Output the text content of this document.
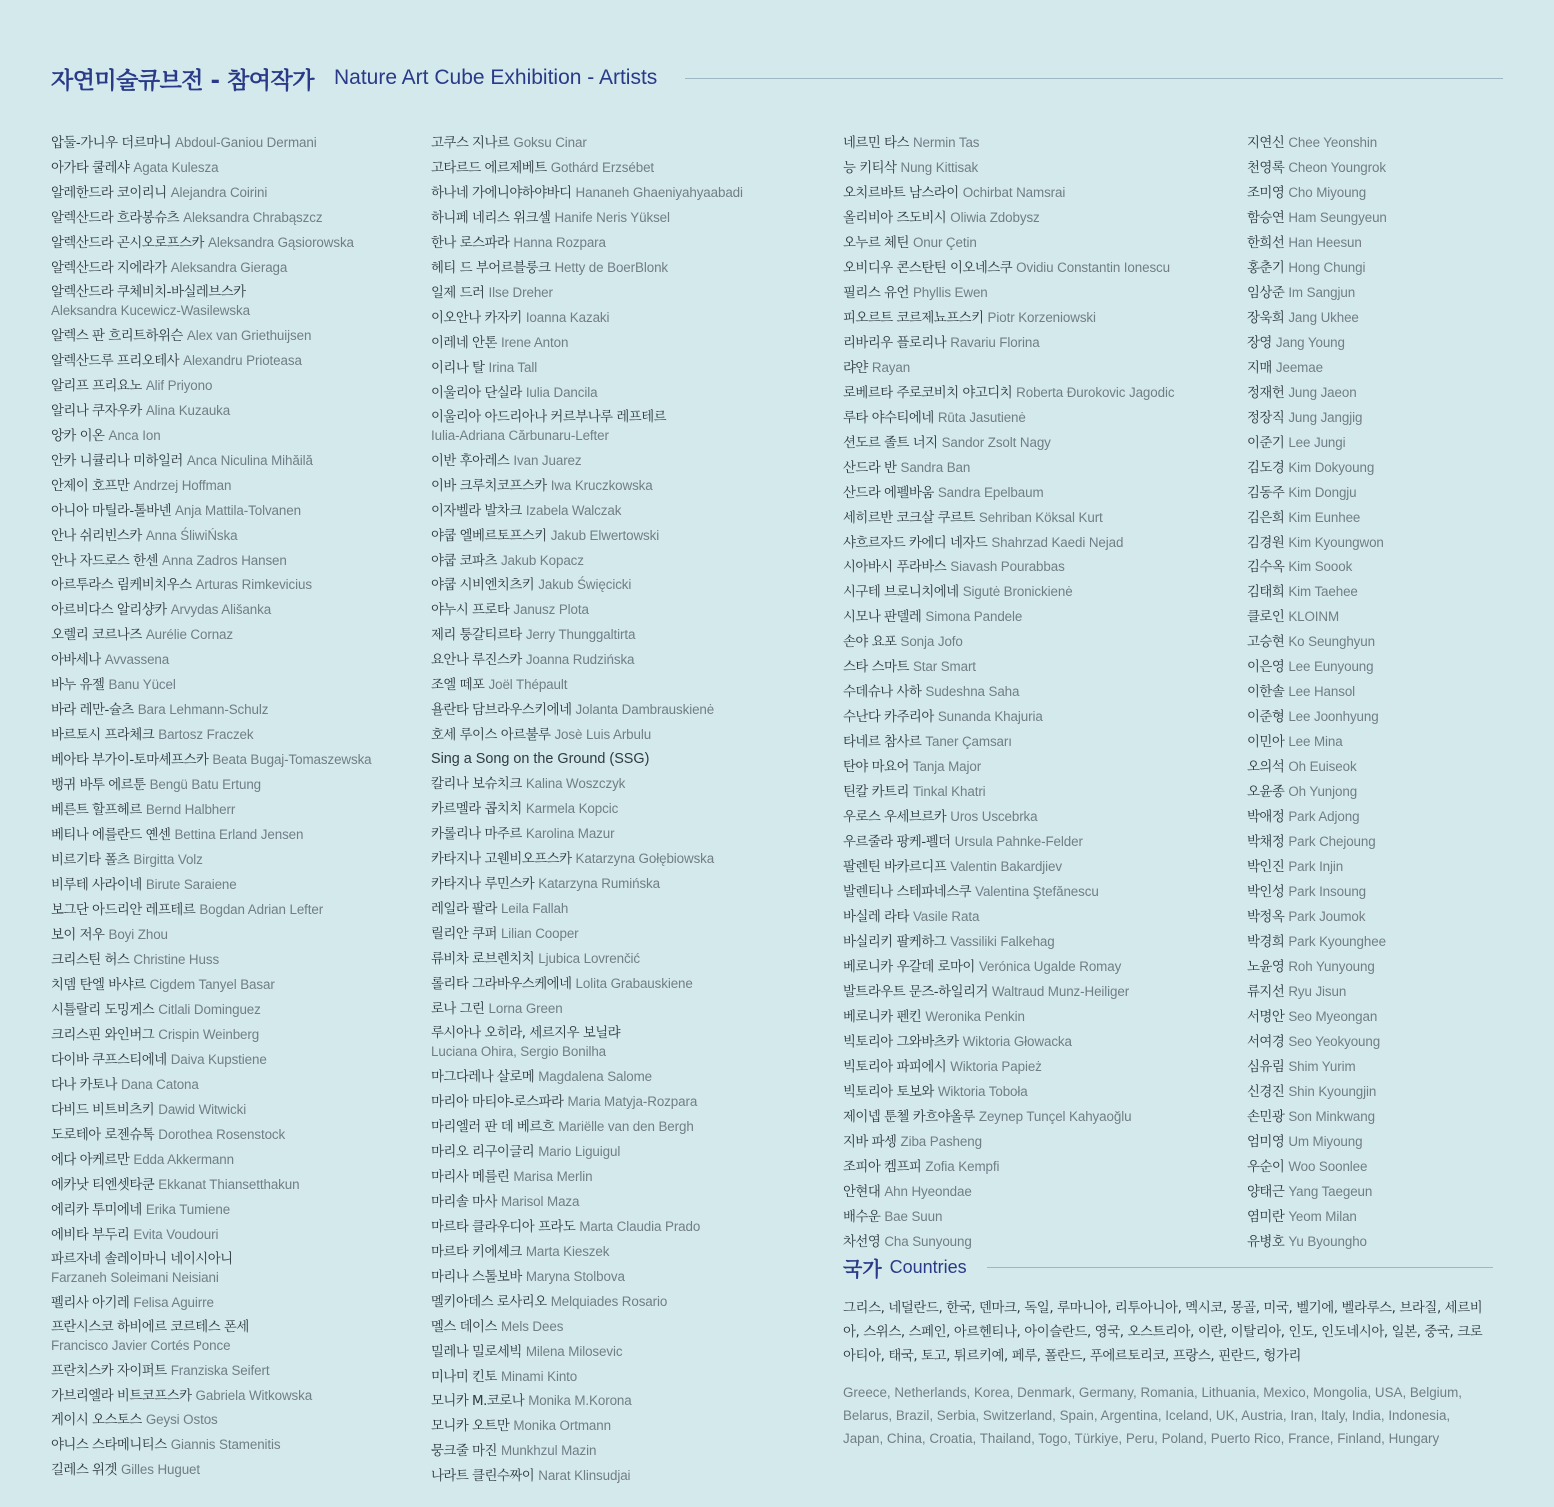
자연미술큐브전 - 참여작가 Nature Art Cube Exhibition - Artists
압둘-가니우 더르마니 Abdoul-Ganiou Dermani
아가타 쿨레샤 Agata Kulesza
알레한드라 코이리니 Alejandra Coirini
알렉산드라 흐라봉슈츠 Aleksandra Chrabąszcz
알렉산드라 곤시오로프스카 Aleksandra Gąsiorowska
알렉산드라 지에라가 Aleksandra Gieraga
알렉산드라 쿠체비치-바실레브스카
Aleksandra Kucewicz-Wasilewska
알렉스 판 흐리트하위슨 Alex van Griethuijsen
알렉산드루 프리오테사 Alexandru Prioteasa
알리프 프리요노 Alif Priyono
알리나 쿠자우카 Alina Kuzauka
앙카 이온 Anca Ion
안카 니큘리나 미하일러 Anca Niculina Mihăilă
안제이 호프만 Andrzej Hoffman
아니아 마틸라-톨바넨 Anja Mattila-Tolvanen
안나 쉬리빈스카 Anna ŚliwiŃska
안나 자드로스 한센 Anna Zadros Hansen
아르투라스 림케비치우스 Arturas Rimkevicius
아르비다스 알리샹카 Arvydas Ališanka
오렐리 코르나즈 Aurélie Cornaz
아바세나 Avvassena
바누 유젤 Banu Yücel
바라 레만-슐츠 Bara Lehmann-Schulz
바르토시 프라체크 Bartosz Fraczek
베아타 부가이-토마셰프스카 Beata Bugaj-Tomaszewska
뱅귀 바투 에르툰 Bengü Batu Ertung
베른트 할프헤르 Bernd Halbherr
베티나 에를란드 옌센 Bettina Erland Jensen
비르기타 폴츠 Birgitta Volz
비루테 사라이네 Birute Saraiene
보그단 아드리안 레프테르 Bogdan Adrian Lefter
보이 저우 Boyi Zhou
크리스틴 허스 Christine Huss
치뎀 탄엘 바샤르 Cigdem Tanyel Basar
시틀랄리 도밍게스 Citlali Dominguez
크리스핀 와인버그 Crispin Weinberg
다이바 쿠프스티에네 Daiva Kupstiene
다나 카토나 Dana Catona
다비드 비트비츠키 Dawid Witwicki
도로테아 로젠슈톡 Dorothea Rosenstock
에다 아케르만 Edda Akkermann
에카낫 티엔셋타쿤 Ekkanat Thiansetthakun
에리카 투미에네 Erika Tumiene
에비타 부두리 Evita Voudouri
파르자네 솔레이마니 네이시아니
Farzaneh Soleimani Neisiani
펠리사 아기레 Felisa Aguirre
프란시스코 하비에르 코르테스 폰세
Francisco Javier Cortés Ponce
프란치스카 자이퍼트 Franziska Seifert
가브리엘라 비트코프스카 Gabriela Witkowska
게이시 오스토스 Geysi Ostos
야니스 스타메니티스 Giannis Stamenitis
길레스 위겟 Gilles Huguet
고쿠스 지나르 Goksu Cinar
고타르드 에르제베트 Gothárd Erzsébet
하나네 가에니야하야바디 Hananeh Ghaeniyahyaabadi
하니페 네리스 위크셀 Hanife Neris Yüksel
한나 로스파라 Hanna Rozpara
헤티 드 부어르블룽크 Hetty de BoerBlonk
일제 드러 Ilse Dreher
이오안나 카자키 Ioanna Kazaki
이레네 안톤 Irene Anton
이리나 탈 Irina Tall
이울리아 단실라 Iulia Dancila
이울리아 아드리아나 커르부나루 레프테르
Iulia-Adriana Cărbunaru-Lefter
이반 후아레스 Ivan Juarez
이바 크루치코프스카 Iwa Kruczkowska
이자벨라 발차크 Izabela Walczak
야쿱 엘베르토프스키 Jakub Elwertowski
야쿱 코파츠 Jakub Kopacz
야쿱 시비엔치츠키 Jakub Święcicki
야누시 프로타 Janusz Plota
제리 퉁갈티르타 Jerry Thunggaltirta
요안나 루진스카 Joanna Rudzińska
조엘 떼포 Joël Thépault
욜란타 담브라우스키에네 Jolanta Dambrauskienė
호세 루이스 아르불루 Josè Luis Arbulu
Sing a Song on the Ground (SSG)
칼리나 보슈치크 Kalina Woszczyk
카르멜라 콥치치 Karmela Kopcic
카롤리나 마주르 Karolina Mazur
카타지나 고웬비오프스카 Katarzyna Gołębiowska
카타지나 루민스카 Katarzyna Rumińska
레일라 팔라 Leila Fallah
릴리안 쿠퍼 Lilian Cooper
류비차 로브렌치치 Ljubica Lovrenčić
롤리타 그라바우스케에네 Lolita Grabauskiene
로나 그린 Lorna Green
루시아나 오히라, 세르지우 보닐랴
Luciana Ohira, Sergio Bonilha
마그다레나 살로메 Magdalena Salome
마리아 마티야-로스파라 Maria Matyja-Rozpara
마리엘러 판 데 베르흐 Mariëlle van den Bergh
마리오 리구이글리 Mario Liguigul
마리사 메를린 Marisa Merlin
마리솔 마사 Marisol Maza
마르타 클라우디아 프라도 Marta Claudia Prado
마르타 키에셰크 Marta Kieszek
마리나 스톨보바 Maryna Stolbova
멜키아데스 로사리오 Melquiades Rosario
멜스 데이스 Mels Dees
밀레나 밀로세빅 Milena Milosevic
미나미 킨토 Minami Kinto
모니카 M.코로나 Monika M.Korona
모니카 오트만 Monika Ortmann
뭉크줄 마진 Munkhzul Mazin
나라트 클린수짜이 Narat Klinsudjai
네르민 타스 Nermin Tas
능 키티삭 Nung Kittisak
오치르바트 남스라이 Ochirbat Namsrai
올리비아 즈도비시 Oliwia Zdobysz
오누르 체틴 Onur Çetin
오비디우 콘스탄틴 이오네스쿠 Ovidiu Constantin Ionescu
필리스 유언 Phyllis Ewen
피오르트 코르제뇨프스키 Piotr Korzeniowski
리바리우 플로리나 Ravariu Florina
랴얀 Rayan
로베르타 주로코비치 야고디치 Roberta Đurokovic Jagodic
루타 야수티에네 Rūta Jasutienė
션도르 졸트 너지 Sandor Zsolt Nagy
산드라 반 Sandra Ban
산드라 에펠바움 Sandra Epelbaum
세히르반 코크살 쿠르트 Sehriban Köksal Kurt
샤흐르자드 카에디 네자드 Shahrzad Kaedi Nejad
시아바시 푸라바스 Siavash Pourabbas
시구테 브로니치에네 Sigutė Bronickienė
시모나 판델레 Simona Pandele
손야 요포 Sonja Jofo
스타 스마트 Star Smart
수데슈나 사하 Sudeshna Saha
수난다 카주리아 Sunanda Khajuria
타네르 참사르 Taner Çamsarı
탄야 마요어 Tanja Major
틴칼 카트리 Tinkal Khatri
우로스 우세브르카 Uros Uscebrka
우르줄라 팡케-펠더 Ursula Pahnke-Felder
팔렌틴 바카르디프 Valentin Bakardjiev
발렌티나 스테파네스쿠 Valentina Ştefănescu
바실레 라타 Vasile Rata
바실리키 팔케하그 Vassiliki Falkehag
베로니카 우갈데 로마이 Verónica Ugalde Romay
발트라우트 문즈-하일리거 Waltraud Munz-Heiliger
베로니카 펜킨 Weronika Penkin
빅토리아 그와바츠카 Wiktoria Głowacka
빅토리아 파피에시 Wiktoria Papież
빅토리아 토보와 Wiktoria Toboła
제이넵 툰첼 카흐야올루 Zeynep Tunçel Kahyaoğlu
지바 파셍 Ziba Pasheng
조피아 켐프피 Zofia Kempfi
안현대 Ahn Hyeondae
배수운 Bae Suun
차선영 Cha Sunyoung
지연신 Chee Yeonshin
천영록 Cheon Youngrok
조미영 Cho Miyoung
함승연 Ham Seungyeun
한희선 Han Heesun
홍춘기 Hong Chungi
임상준 Im Sangjun
장욱희 Jang Ukhee
장영 Jang Young
지매 Jeemae
정재헌 Jung Jaeon
정장직 Jung Jangjig
이준기 Lee Jungi
김도경 Kim Dokyoung
김동주 Kim Dongju
김은희 Kim Eunhee
김경원 Kim Kyoungwon
김수옥 Kim Soook
김태희 Kim Taehee
클로인 KLOINM
고승현 Ko Seunghyun
이은영 Lee Eunyoung
이한솔 Lee Hansol
이준형 Lee Joonhyung
이민아 Lee Mina
오의석 Oh Euiseok
오윤종 Oh Yunjong
박애정 Park Adjong
박채정 Park Chejoung
박인진 Park Injin
박인성 Park Insoung
박정옥 Park Joumok
박경희 Park Kyounghee
노윤영 Roh Yunyoung
류지선 Ryu Jisun
서명안 Seo Myeongan
서여경 Seo Yeokyoung
심유림 Shim Yurim
신경진 Shin Kyoungjin
손민광 Son Minkwang
엄미영 Um Miyoung
우순이 Woo Soonlee
양태근 Yang Taegeun
염미란 Yeom Milan
유병호 Yu Byoungho
국가 Countries
그리스, 네덜란드, 한국, 덴마크, 독일, 루마니아, 리투아니아, 멕시코, 몽골, 미국, 벨기에, 벨라루스, 브라질, 세르비아, 스위스, 스페인, 아르헨티나, 아이슬란드, 영국, 오스트리아, 이란, 이탈리아, 인도, 인도네시아, 일본, 중국, 크로아티아, 태국, 토고, 튀르키예, 페루, 폴란드, 푸에르토리코, 프랑스, 핀란드, 헝가리
Greece, Netherlands, Korea, Denmark, Germany, Romania, Lithuania, Mexico, Mongolia, USA, Belgium, Belarus, Brazil, Serbia, Switzerland, Spain, Argentina, Iceland, UK, Austria, Iran, Italy, India, Indonesia, Japan, China, Croatia, Thailand, Togo, Türkiye, Peru, Poland, Puerto Rico, France, Finland, Hungary
